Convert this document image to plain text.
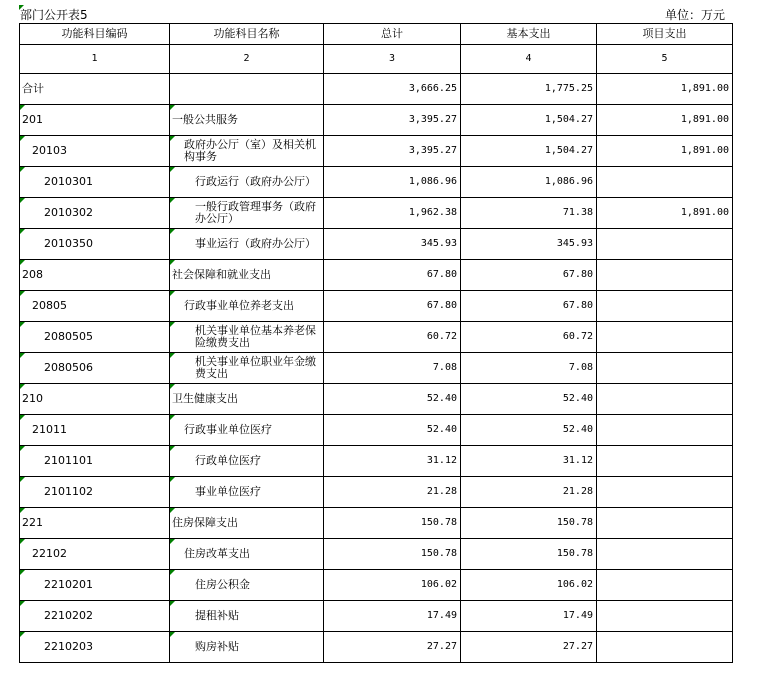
部门公开表5	单位：万元
功能科目编码	功能科目名称	总计	基本支出	项目支出
1	2	3	4	5
合计		3,666.25	1,775.25	1,891.00

201	一般公共服务	3,395.27	1,504.27	1,891.00

20103	政府办公厅（室）及相关机构事务	3,395.27	1,504.27	1,891.00

2010301	行政运行（政府办公厅）	1,086.96	1,086.96	

2010302	一般行政管理事务（政府办公厅）	1,962.38	71.38	1,891.00

2010350	事业运行（政府办公厅）	345.93	345.93	

208	社会保障和就业支出	67.80	67.80	

20805	行政事业单位养老支出	67.80	67.80	

2080505	机关事业单位基本养老保险缴费支出	60.72	60.72	

2080506	机关事业单位职业年金缴费支出	7.08	7.08	

210	卫生健康支出	52.40	52.40	

21011	行政事业单位医疗	52.40	52.40	

2101101	行政单位医疗	31.12	31.12	

2101102	事业单位医疗	21.28	21.28	

221	住房保障支出	150.78	150.78	

22102	住房改革支出	150.78	150.78	

2210201	住房公积金	106.02	106.02	

2210202	提租补贴	17.49	17.49	

2210203	购房补贴	27.27	27.27	
